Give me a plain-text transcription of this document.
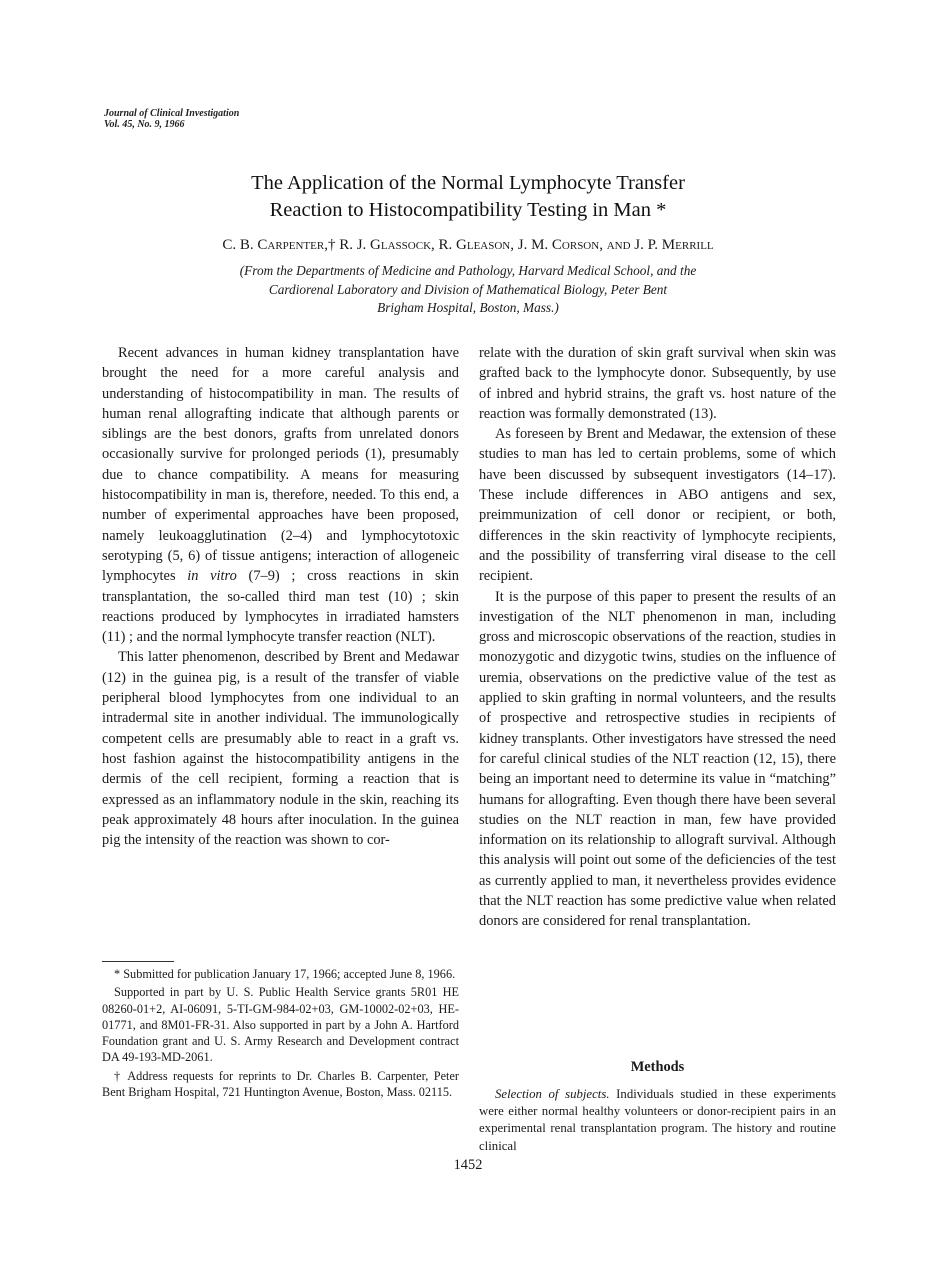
Journal of Clinical Investigation
Vol. 45, No. 9, 1966
The Application of the Normal Lymphocyte Transfer
Reaction to Histocompatibility Testing in Man *
C. B. Carpenter,† R. J. Glassock, R. Gleason, J. M. Corson, and J. P. Merrill
(From the Departments of Medicine and Pathology, Harvard Medical School, and the
Cardiorenal Laboratory and Division of Mathematical Biology, Peter Bent
Brigham Hospital, Boston, Mass.)

Recent advances in human kidney transplantation have brought the need for a more careful analysis and understanding of histocompatibility in man. The results of human renal allografting indicate that although parents or siblings are the best donors, grafts from unrelated donors occasionally survive for prolonged periods (1), presumably due to chance compatibility. A means for measuring histocompatibility in man is, therefore, needed. To this end, a number of experimental approaches have been proposed, namely leukoagglutination (2–4) and lymphocytotoxic serotyping (5, 6) of tissue antigens; interaction of allogeneic lymphocytes in vitro (7–9) ; cross reactions in skin transplantation, the so-called third man test (10) ; skin reactions produced by lymphocytes in irradiated hamsters (11) ; and the normal lymphocyte transfer reaction (NLT).

This latter phenomenon, described by Brent and Medawar (12) in the guinea pig, is a result of the transfer of viable peripheral blood lymphocytes from one individual to an intradermal site in another individual. The immunologically competent cells are presumably able to react in a graft vs. host fashion against the histocompatibility antigens in the dermis of the cell recipient, forming a reaction that is expressed as an inflammatory nodule in the skin, reaching its peak approximately 48 hours after inoculation. In the guinea pig the intensity of the reaction was shown to cor-

* Submitted for publication January 17, 1966; accepted June 8, 1966.

Supported in part by U. S. Public Health Service grants 5R01 HE 08260-01+2, AI-06091, 5-TI-GM-984-02+03, GM-10002-02+03, HE-01771, and 8M01-FR-31. Also supported in part by a John A. Hartford Foundation grant and U. S. Army Research and Development contract DA 49-193-MD-2061.

† Address requests for reprints to Dr. Charles B. Carpenter, Peter Bent Brigham Hospital, 721 Huntington Avenue, Boston, Mass. 02115.

relate with the duration of skin graft survival when skin was grafted back to the lymphocyte donor. Subsequently, by use of inbred and hybrid strains, the graft vs. host nature of the reaction was formally demonstrated (13).

As foreseen by Brent and Medawar, the extension of these studies to man has led to certain problems, some of which have been discussed by subsequent investigators (14–17). These include differences in ABO antigens and sex, preimmunization of cell donor or recipient, or both, differences in the skin reactivity of lymphocyte recipients, and the possibility of transferring viral disease to the cell recipient.

It is the purpose of this paper to present the results of an investigation of the NLT phenomenon in man, including gross and microscopic observations of the reaction, studies in monozygotic and dizygotic twins, studies on the influence of uremia, observations on the predictive value of the test as applied to skin grafting in normal volunteers, and the results of prospective and retrospective studies in recipients of kidney transplants. Other investigators have stressed the need for careful clinical studies of the NLT reaction (12, 15), there being an important need to determine its value in “matching” humans for allografting. Even though there have been several studies on the NLT reaction in man, few have provided information on its relationship to allograft survival. Although this analysis will point out some of the deficiencies of the test as currently applied to man, it nevertheless provides evidence that the NLT reaction has some predictive value when related donors are considered for renal transplantation.

Methods

Selection of subjects. Individuals studied in these experiments were either normal healthy volunteers or donor-recipient pairs in an experimental renal transplantation program. The history and routine clinical

1452
